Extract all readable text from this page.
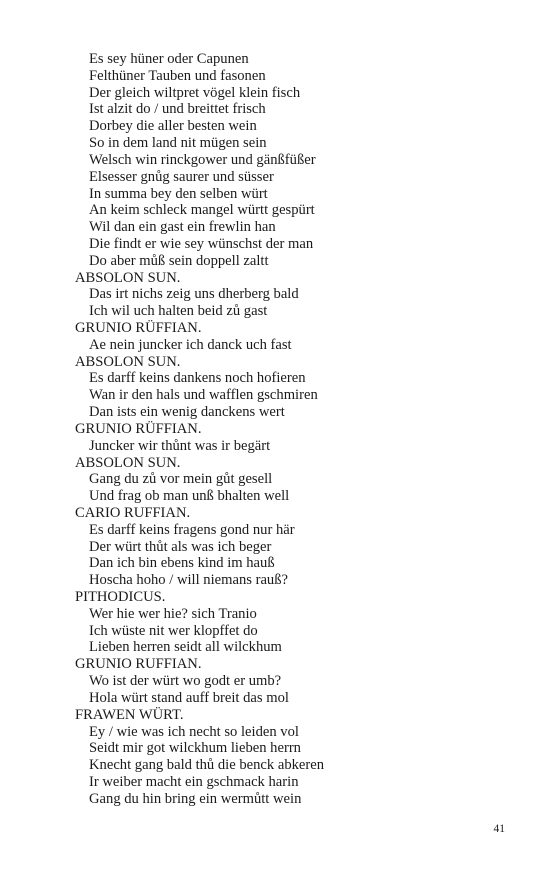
Es sey hüner oder Capunen
Felthüner Tauben und fasonen
Der gleich wiltpret vögel klein fisch
Ist alzit do / und breittet frisch
Dorbey die aller besten wein
So in dem land nit mügen sein
Welsch win rinckgower und gänßfüßer
Elsesser gnůg saurer und süsser
In summa bey den selben würt
An keim schleck mangel württ gespürt
Wil dan ein gast ein frewlin han
Die findt er wie sey wünschst der man
Do aber můß sein doppell zaltt
ABSOLON SUN.
Das irt nichs zeig uns dherberg bald
Ich wil uch halten beid zů gast
GRUNIO RÜFFIAN.
Ae nein juncker ich danck uch fast
ABSOLON SUN.
Es darff keins dankens noch hofieren
Wan ir den hals und wafflen gschmiren
Dan ists ein wenig danckens wert
GRUNIO RÜFFIAN.
Juncker wir thůnt was ir begärt
ABSOLON SUN.
Gang du zů vor mein gůt gesell
Und frag ob man unß bhalten well
CARIO RUFFIAN.
Es darff keins fragens gond nur här
Der würt thůt als was ich beger
Dan ich bin ebens kind im hauß
Hoscha hoho / will niemans rauß?
PITHODICUS.
Wer hie wer hie? sich Tranio
Ich wüste nit wer klopffet do
Lieben herren seidt all wilckhum
GRUNIO RUFFIAN.
Wo ist der würt wo godt er umb?
Hola würt stand auff breit das mol
FRAWEN WÜRT.
Ey / wie was ich necht so leiden vol
Seidt mir got wilckhum lieben herrn
Knecht gang bald thů die benck abkeren
Ir weiber macht ein gschmack harin
Gang du hin bring ein wermůtt wein
41
